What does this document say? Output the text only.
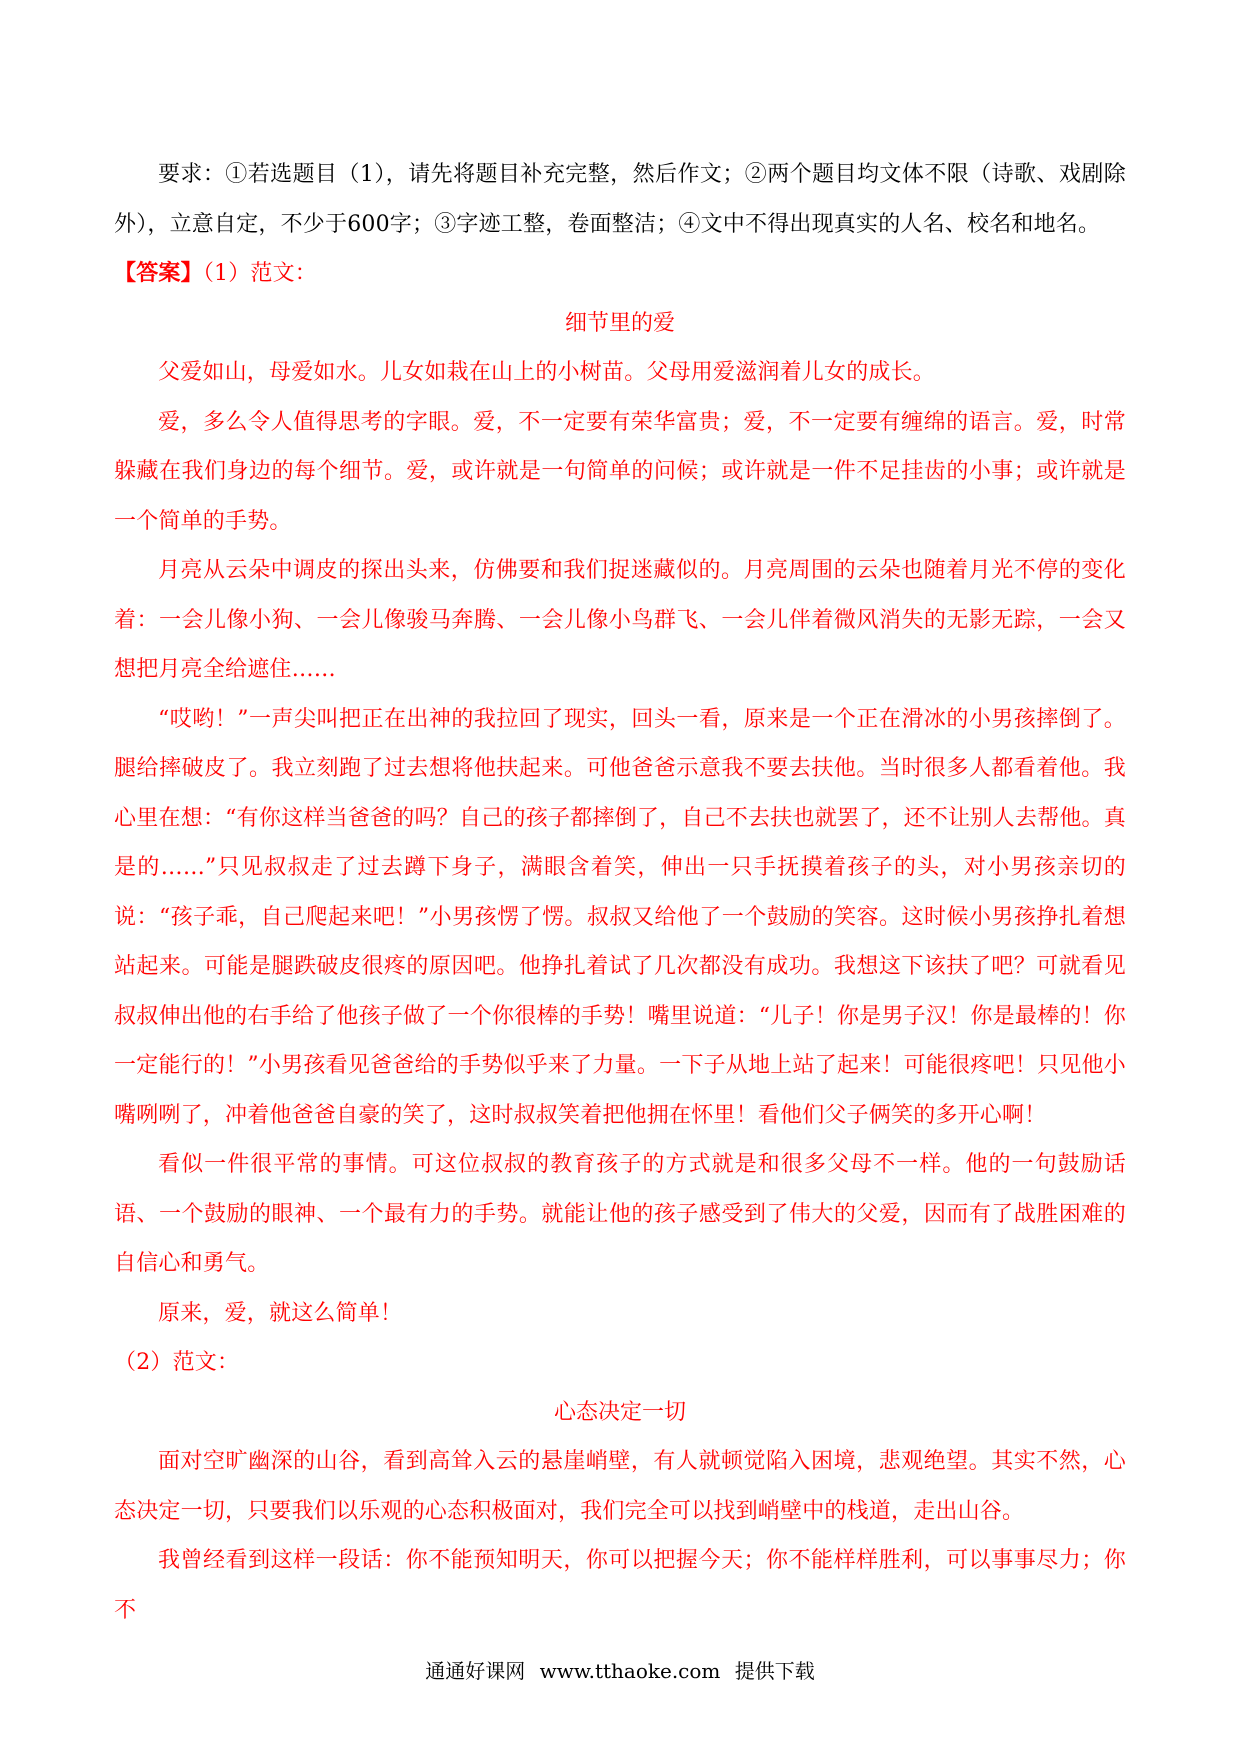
要求：①若选题目（1），请先将题目补充完整，然后作文；②两个题目均文体不限（诗歌、戏剧除外），立意自定，不少于600字；③字迹工整，卷面整洁；④文中不得出现真实的人名、校名和地名。

【答案】（1）范文：

细节里的爱

父爱如山，母爱如水。儿女如栽在山上的小树苗。父母用爱滋润着儿女的成长。

爱，多么令人值得思考的字眼。爱，不一定要有荣华富贵；爱，不一定要有缠绵的语言。爱，时常躲藏在我们身边的每个细节。爱，或许就是一句简单的问候；或许就是一件不足挂齿的小事；或许就是一个简单的手势。

月亮从云朵中调皮的探出头来，仿佛要和我们捉迷藏似的。月亮周围的云朵也随着月光不停的变化着：一会儿像小狗、一会儿像骏马奔腾、一会儿像小鸟群飞、一会儿伴着微风消失的无影无踪，一会又想把月亮全给遮住……

“哎哟！”一声尖叫把正在出神的我拉回了现实，回头一看，原来是一个正在滑冰的小男孩摔倒了。腿给摔破皮了。我立刻跑了过去想将他扶起来。可他爸爸示意我不要去扶他。当时很多人都看着他。我心里在想：“有你这样当爸爸的吗？自己的孩子都摔倒了，自己不去扶也就罢了，还不让别人去帮他。真是的……”只见叔叔走了过去蹲下身子，满眼含着笑，伸出一只手抚摸着孩子的头，对小男孩亲切的说：“孩子乖，自己爬起来吧！”小男孩愣了愣。叔叔又给他了一个鼓励的笑容。这时候小男孩挣扎着想站起来。可能是腿跌破皮很疼的原因吧。他挣扎着试了几次都没有成功。我想这下该扶了吧？可就看见叔叔伸出他的右手给了他孩子做了一个你很棒的手势！嘴里说道：“儿子！你是男子汉！你是最棒的！你一定能行的！”小男孩看见爸爸给的手势似乎来了力量。一下子从地上站了起来！可能很疼吧！只见他小嘴咧咧了，冲着他爸爸自豪的笑了，这时叔叔笑着把他拥在怀里！看他们父子俩笑的多开心啊！

看似一件很平常的事情。可这位叔叔的教育孩子的方式就是和很多父母不一样。他的一句鼓励话语、一个鼓励的眼神、一个最有力的手势。就能让他的孩子感受到了伟大的父爱，因而有了战胜困难的自信心和勇气。

原来，爱，就这么简单！

（2）范文：

心态决定一切

面对空旷幽深的山谷，看到高耸入云的悬崖峭壁，有人就顿觉陷入困境，悲观绝望。其实不然，心态决定一切，只要我们以乐观的心态积极面对，我们完全可以找到峭壁中的栈道，走出山谷。

我曾经看到这样一段话：你不能预知明天，你可以把握今天；你不能样样胜利，可以事事尽力；你不

通通好课网 www.tthaoke.com 提供下载
